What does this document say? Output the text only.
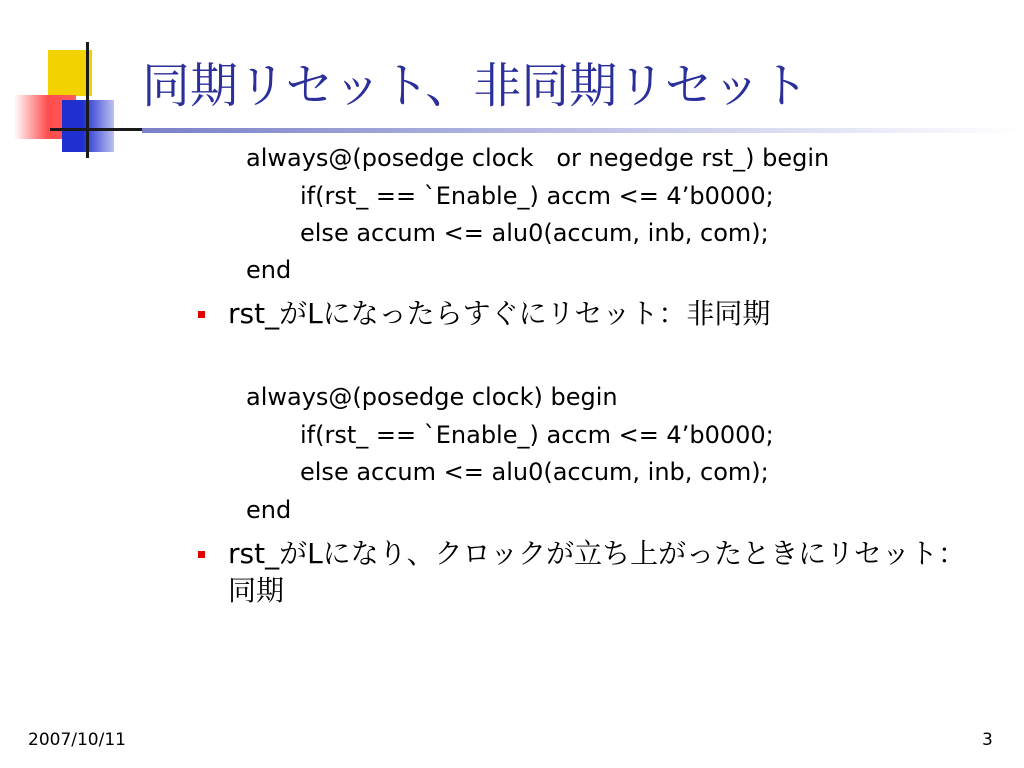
同期リセット、非同期リセット
always@(posedge clock   or negedge rst_) begin
if(rst_ == `Enable_) accm <= 4’b0000;
else accum <= alu0(accum, inb, com);
end
rst_がLになったらすぐにリセット：非同期
always@(posedge clock) begin
if(rst_ == `Enable_) accm <= 4’b0000;
else accum <= alu0(accum, inb, com);
end
rst_がLになり、クロックが立ち上がったときにリセット：
同期
2007/10/11	3
